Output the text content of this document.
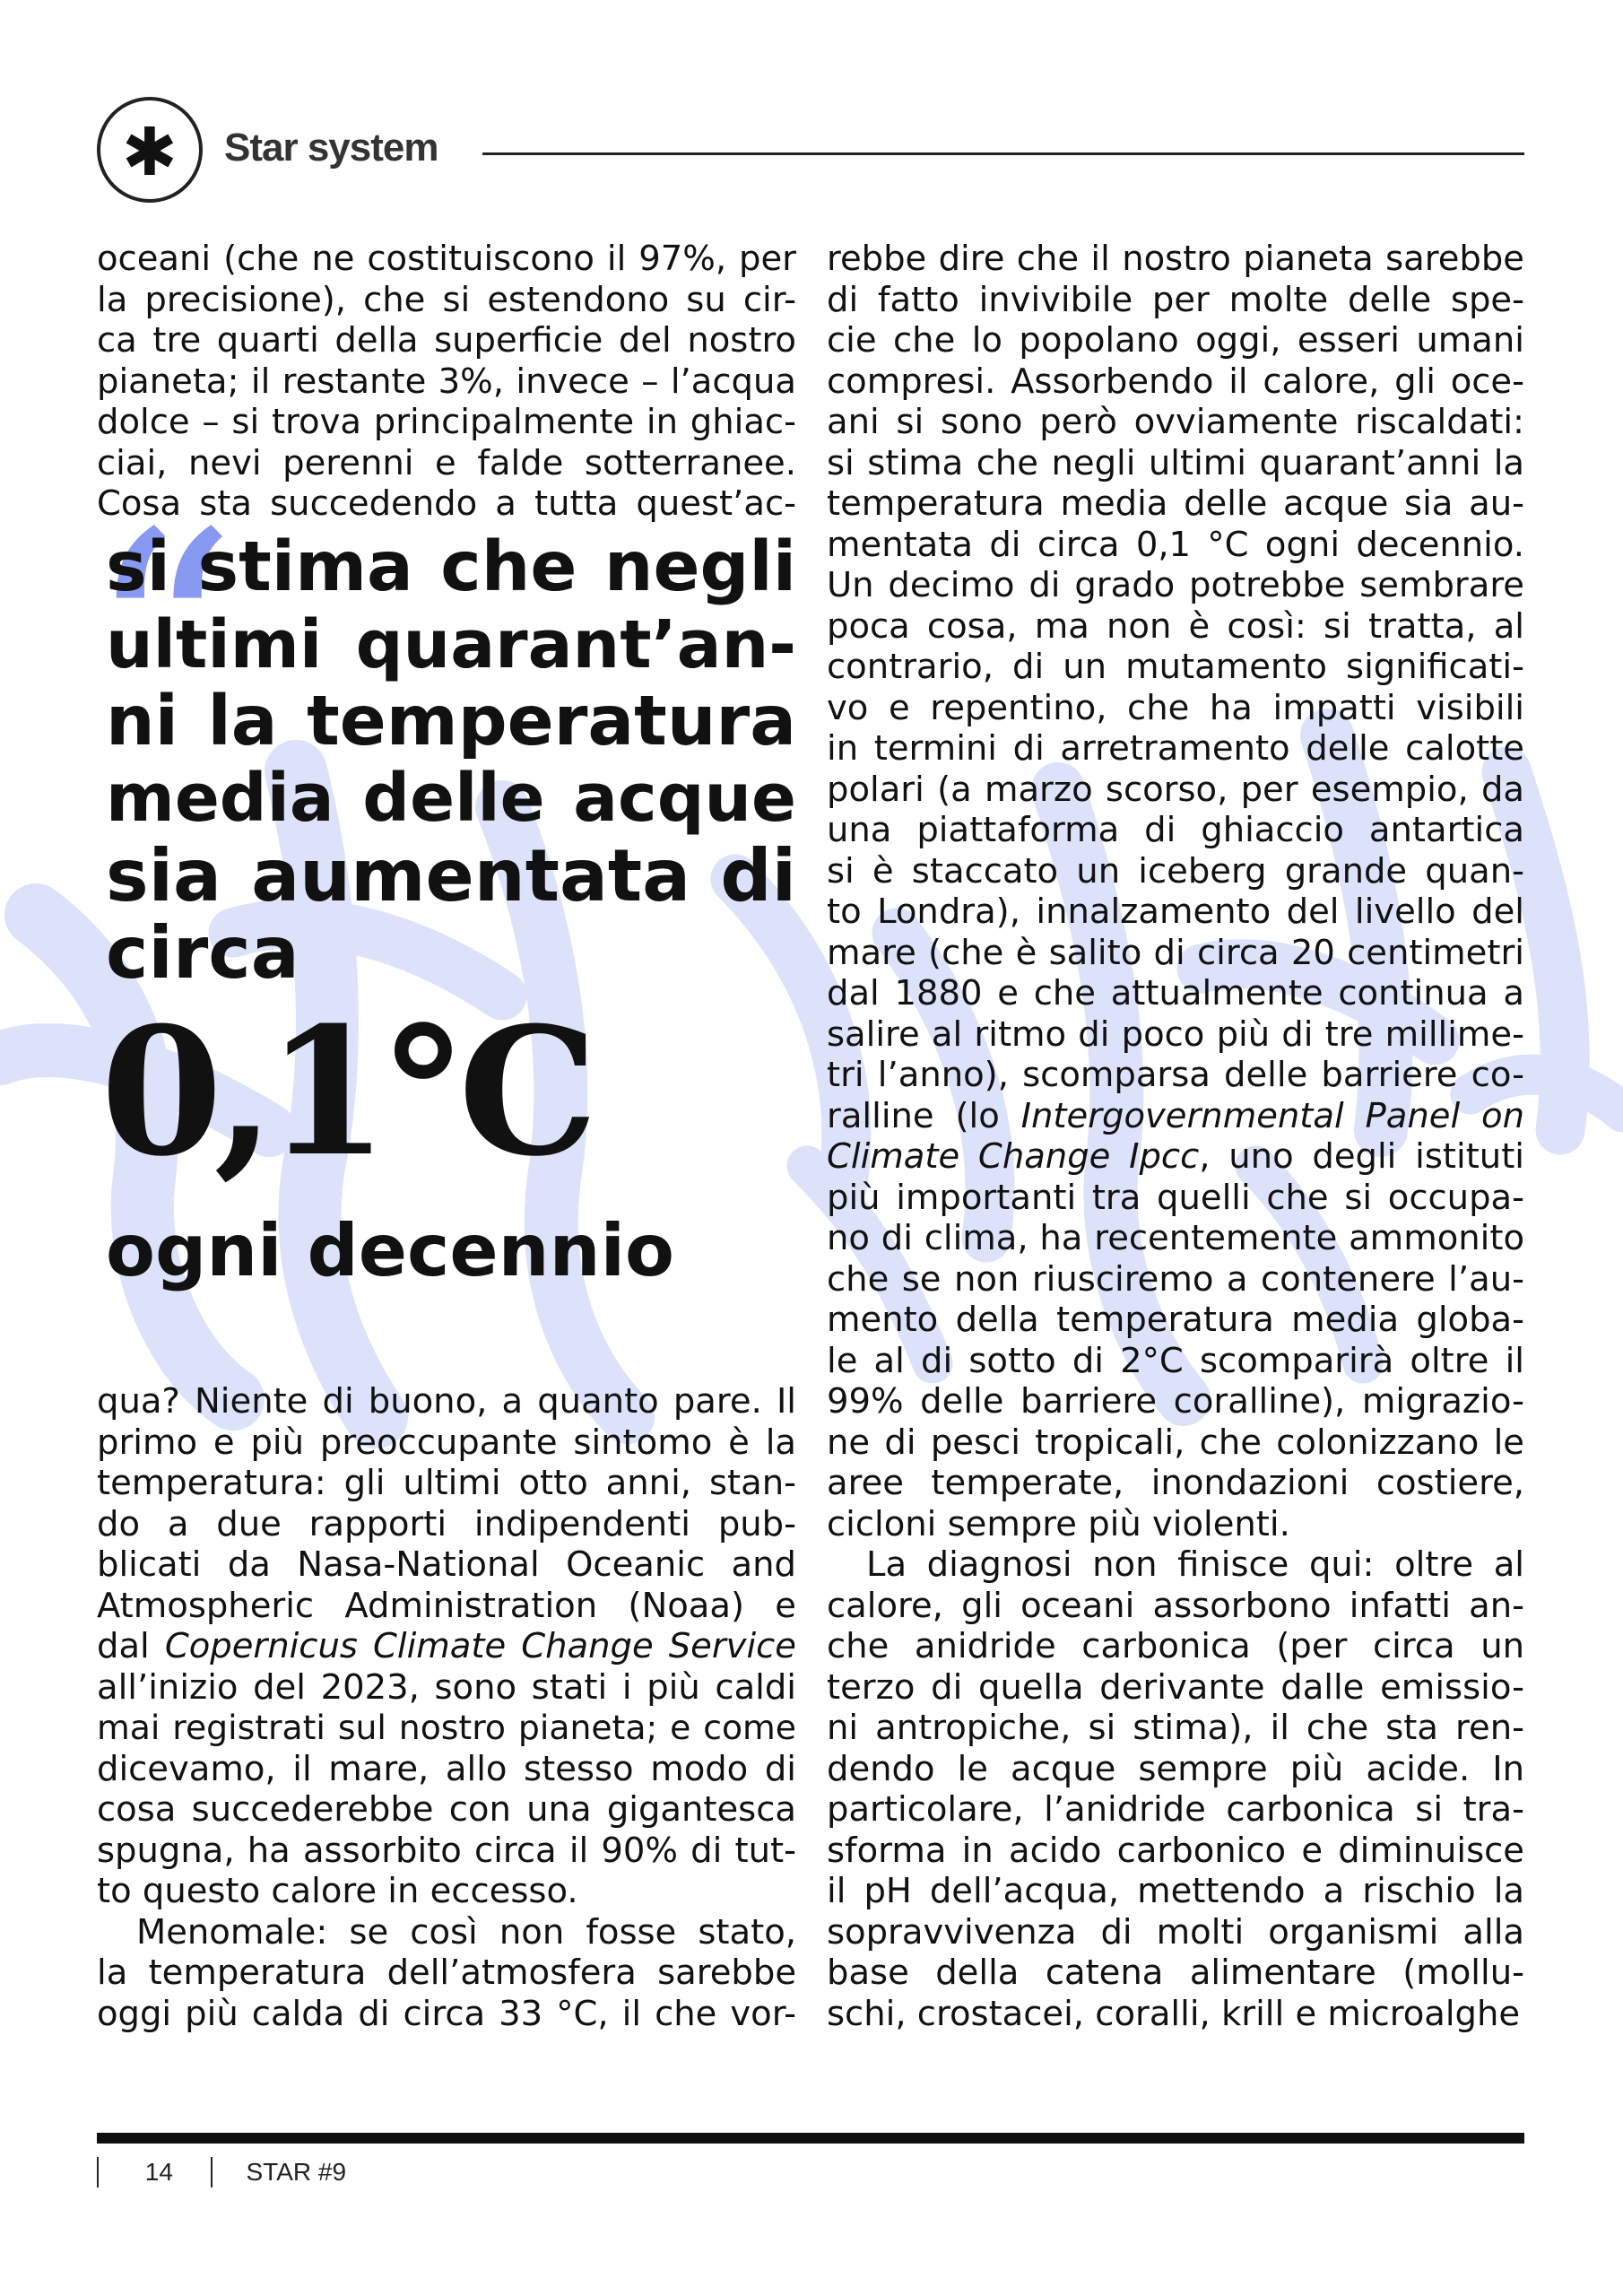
✱	Star system
oceani (che ne costituiscono il 97%, per
la precisione), che si estendono su cir-
ca tre quarti della superficie del nostro
pianeta; il restante 3%, invece – l’acqua
dolce – si trova principalmente in ghiac-
ciai, nevi perenni e falde sotterranee.
Cosa sta succedendo a tutta quest’ac-
“
si stima che negli
ultimi quarant’an-
ni la temperatura
media delle acque
sia aumentata di
circa
0,1°C
ogni decennio
qua? Niente di buono, a quanto pare. Il
primo e più preoccupante sintomo è la
temperatura: gli ultimi otto anni, stan-
do a due rapporti indipendenti pub-
blicati da Nasa-National Oceanic and
Atmospheric Administration (Noaa) e
dal Copernicus Climate Change Service
all’inizio del 2023, sono stati i più caldi
mai registrati sul nostro pianeta; e come
dicevamo, il mare, allo stesso modo di
cosa succederebbe con una gigantesca
spugna, ha assorbito circa il 90% di tut-
to questo calore in eccesso.
Menomale: se così non fosse stato,
la temperatura dell’atmosfera sarebbe
oggi più calda di circa 33 °C, il che vor-
rebbe dire che il nostro pianeta sarebbe
di fatto invivibile per molte delle spe-
cie che lo popolano oggi, esseri umani
compresi. Assorbendo il calore, gli oce-
ani si sono però ovviamente riscaldati:
si stima che negli ultimi quarant’anni la
temperatura media delle acque sia au-
mentata di circa 0,1 °C ogni decennio.
Un decimo di grado potrebbe sembrare
poca cosa, ma non è così: si tratta, al
contrario, di un mutamento significati-
vo e repentino, che ha impatti visibili
in termini di arretramento delle calotte
polari (a marzo scorso, per esempio, da
una piattaforma di ghiaccio antartica
si è staccato un iceberg grande quan-
to Londra), innalzamento del livello del
mare (che è salito di circa 20 centimetri
dal 1880 e che attualmente continua a
salire al ritmo di poco più di tre millime-
tri l’anno), scomparsa delle barriere co-
ralline (lo Intergovernmental Panel on
Climate Change Ipcc, uno degli istituti
più importanti tra quelli che si occupa-
no di clima, ha recentemente ammonito
che se non riusciremo a contenere l’au-
mento della temperatura media globa-
le al di sotto di 2°C scomparirà oltre il
99% delle barriere coralline), migrazio-
ne di pesci tropicali, che colonizzano le
aree temperate, inondazioni costiere,
cicloni sempre più violenti.
La diagnosi non finisce qui: oltre al
calore, gli oceani assorbono infatti an-
che anidride carbonica (per circa un
terzo di quella derivante dalle emissio-
ni antropiche, si stima), il che sta ren-
dendo le acque sempre più acide. In
particolare, l’anidride carbonica si tra-
sforma in acido carbonico e diminuisce
il pH dell’acqua, mettendo a rischio la
sopravvivenza di molti organismi alla
base della catena alimentare (mollu-
schi, crostacei, coralli, krill e microalghe
14	STAR #9
